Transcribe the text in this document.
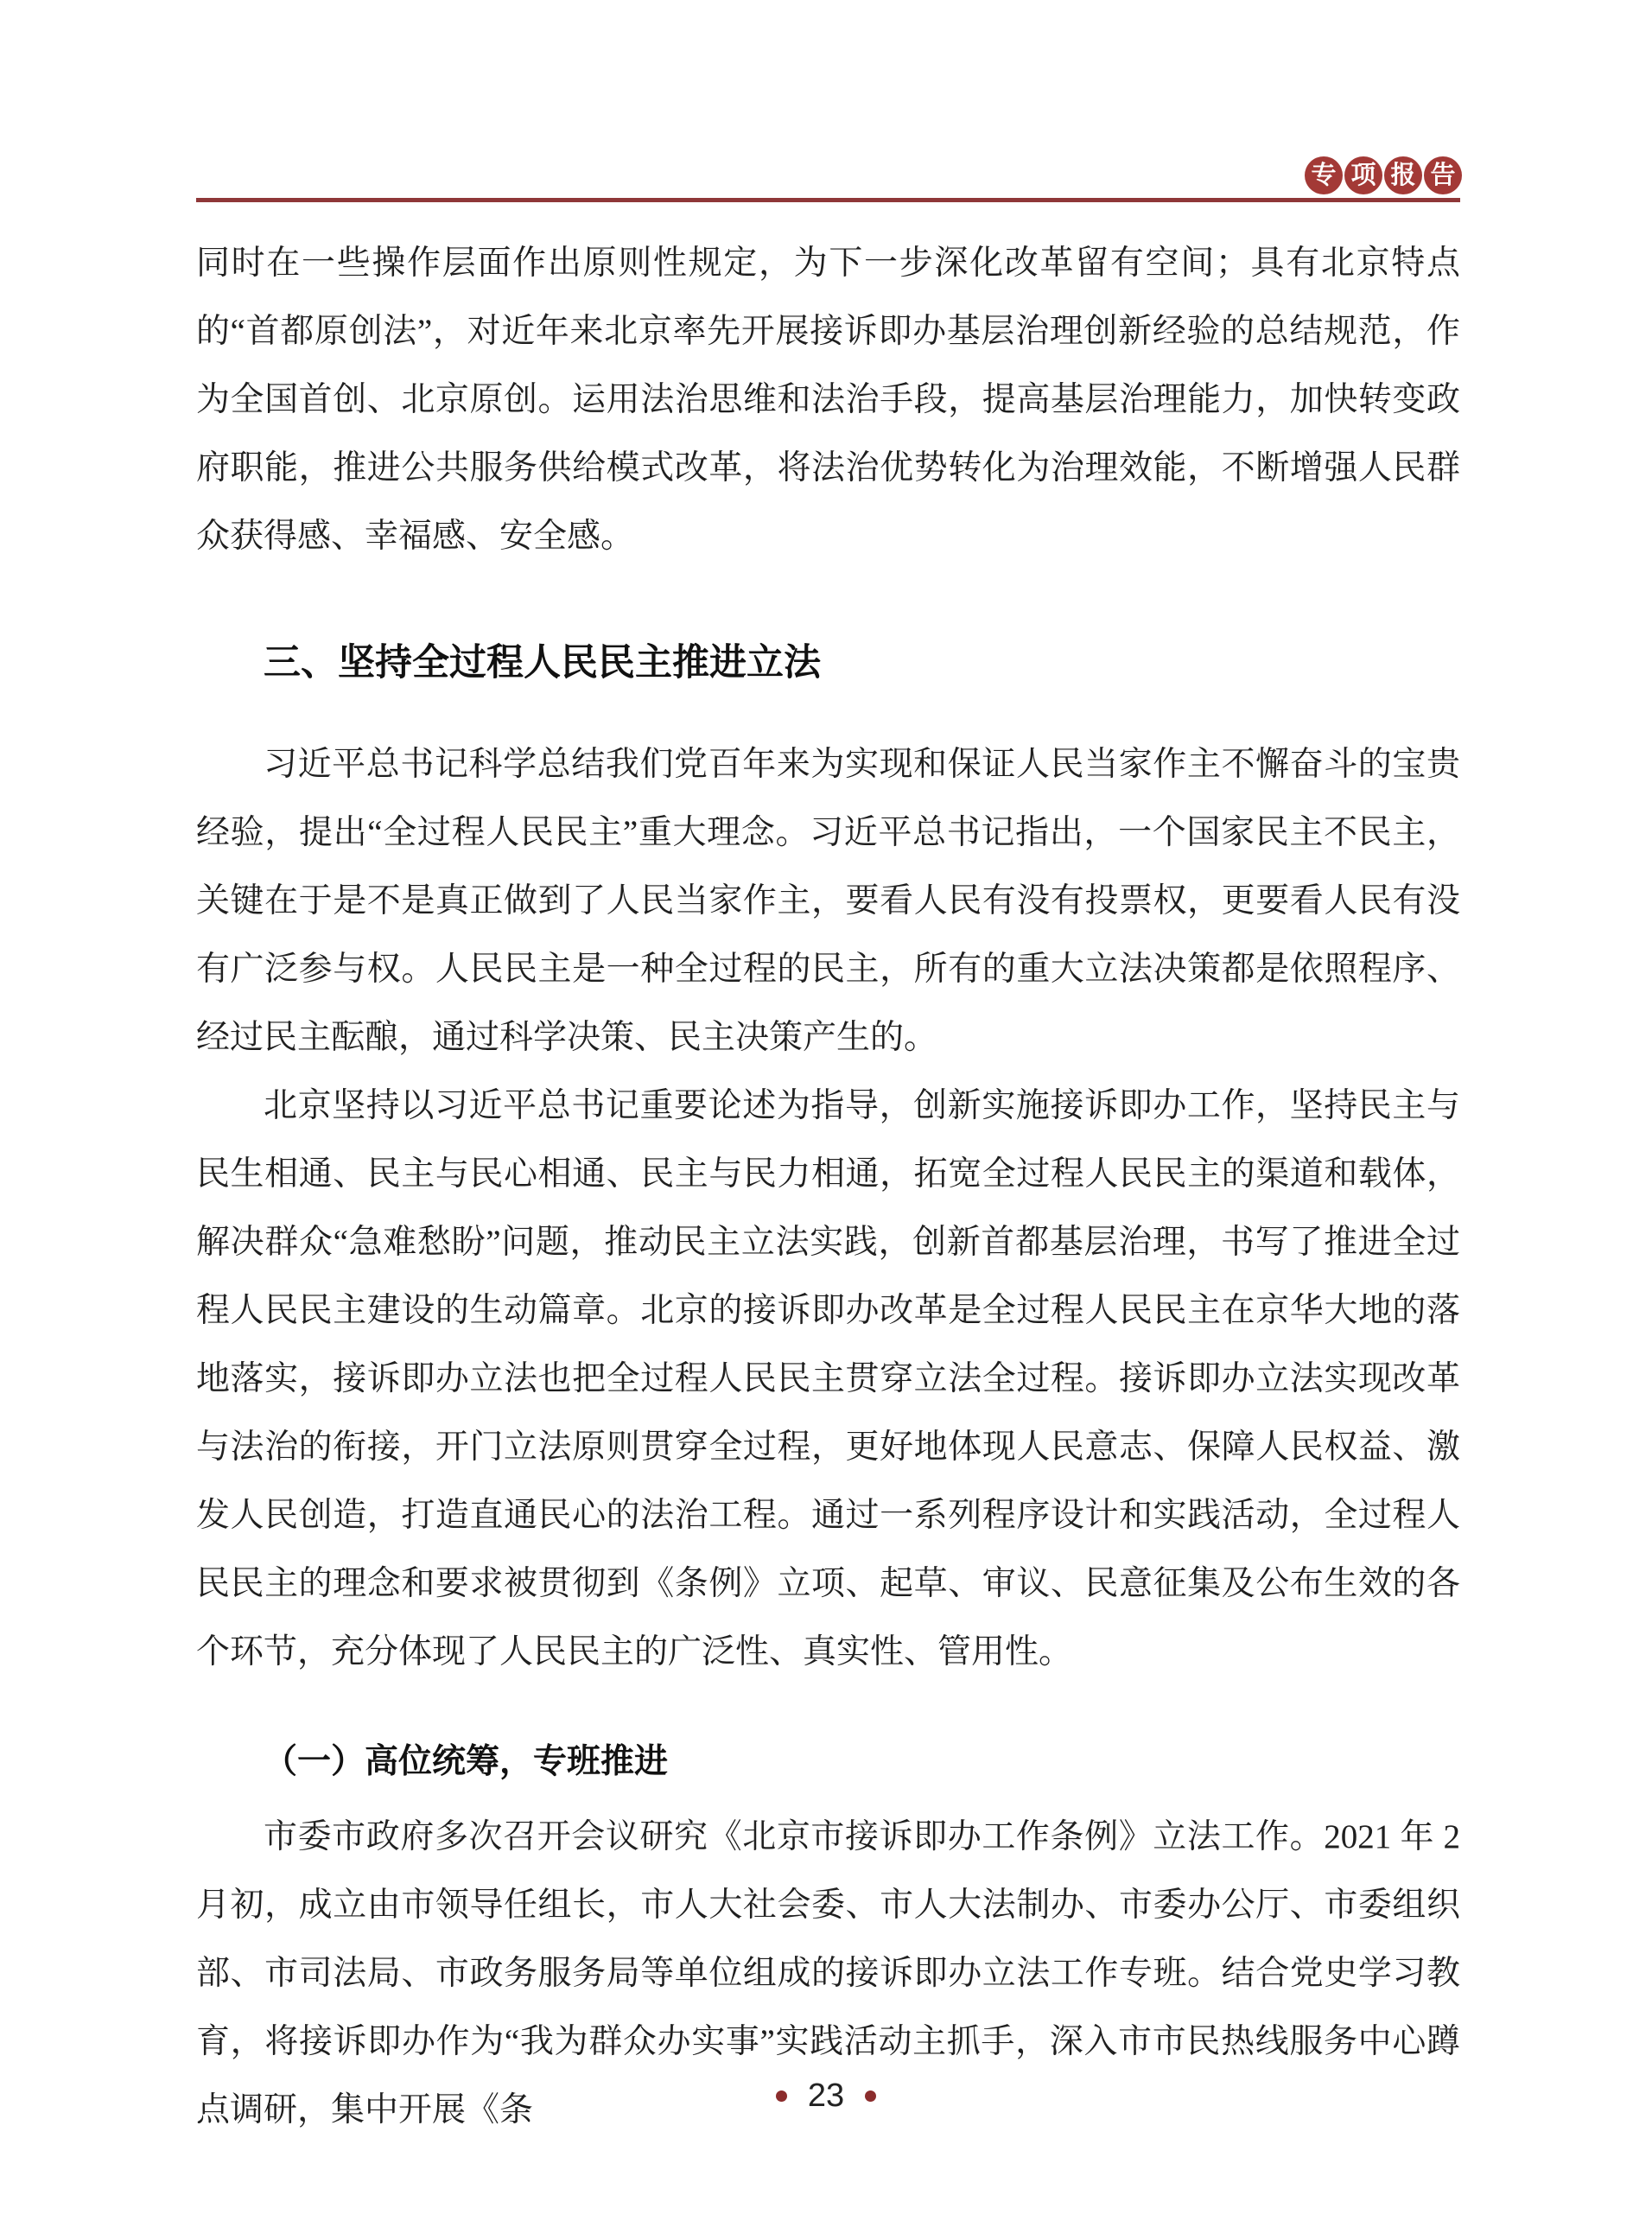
专 项 报 告

同时在一些操作层面作出原则性规定，为下一步深化改革留有空间；具有北京特点的“首都原创法”，对近年来北京率先开展接诉即办基层治理创新经验的总结规范，作为全国首创、北京原创。运用法治思维和法治手段，提高基层治理能力，加快转变政府职能，推进公共服务供给模式改革，将法治优势转化为治理效能，不断增强人民群众获得感、幸福感、安全感。

三、坚持全过程人民民主推进立法

习近平总书记科学总结我们党百年来为实现和保证人民当家作主不懈奋斗的宝贵经验，提出“全过程人民民主”重大理念。习近平总书记指出，一个国家民主不民主，关键在于是不是真正做到了人民当家作主，要看人民有没有投票权，更要看人民有没有广泛参与权。人民民主是一种全过程的民主，所有的重大立法决策都是依照程序、经过民主酝酿，通过科学决策、民主决策产生的。

北京坚持以习近平总书记重要论述为指导，创新实施接诉即办工作，坚持民主与民生相通、民主与民心相通、民主与民力相通，拓宽全过程人民民主的渠道和载体，解决群众“急难愁盼”问题，推动民主立法实践，创新首都基层治理，书写了推进全过程人民民主建设的生动篇章。北京的接诉即办改革是全过程人民民主在京华大地的落地落实，接诉即办立法也把全过程人民民主贯穿立法全过程。接诉即办立法实现改革与法治的衔接，开门立法原则贯穿全过程，更好地体现人民意志、保障人民权益、激发人民创造，打造直通民心的法治工程。通过一系列程序设计和实践活动，全过程人民民主的理念和要求被贯彻到《条例》立项、起草、审议、民意征集及公布生效的各个环节，充分体现了人民民主的广泛性、真实性、管用性。

（一）高位统筹，专班推进

市委市政府多次召开会议研究《北京市接诉即办工作条例》立法工作。2021 年 2 月初，成立由市领导任组长，市人大社会委、市人大法制办、市委办公厅、市委组织部、市司法局、市政务服务局等单位组成的接诉即办立法工作专班。结合党史学习教育，将接诉即办作为“我为群众办实事”实践活动主抓手，深入市市民热线服务中心蹲点调研，集中开展《条	23
